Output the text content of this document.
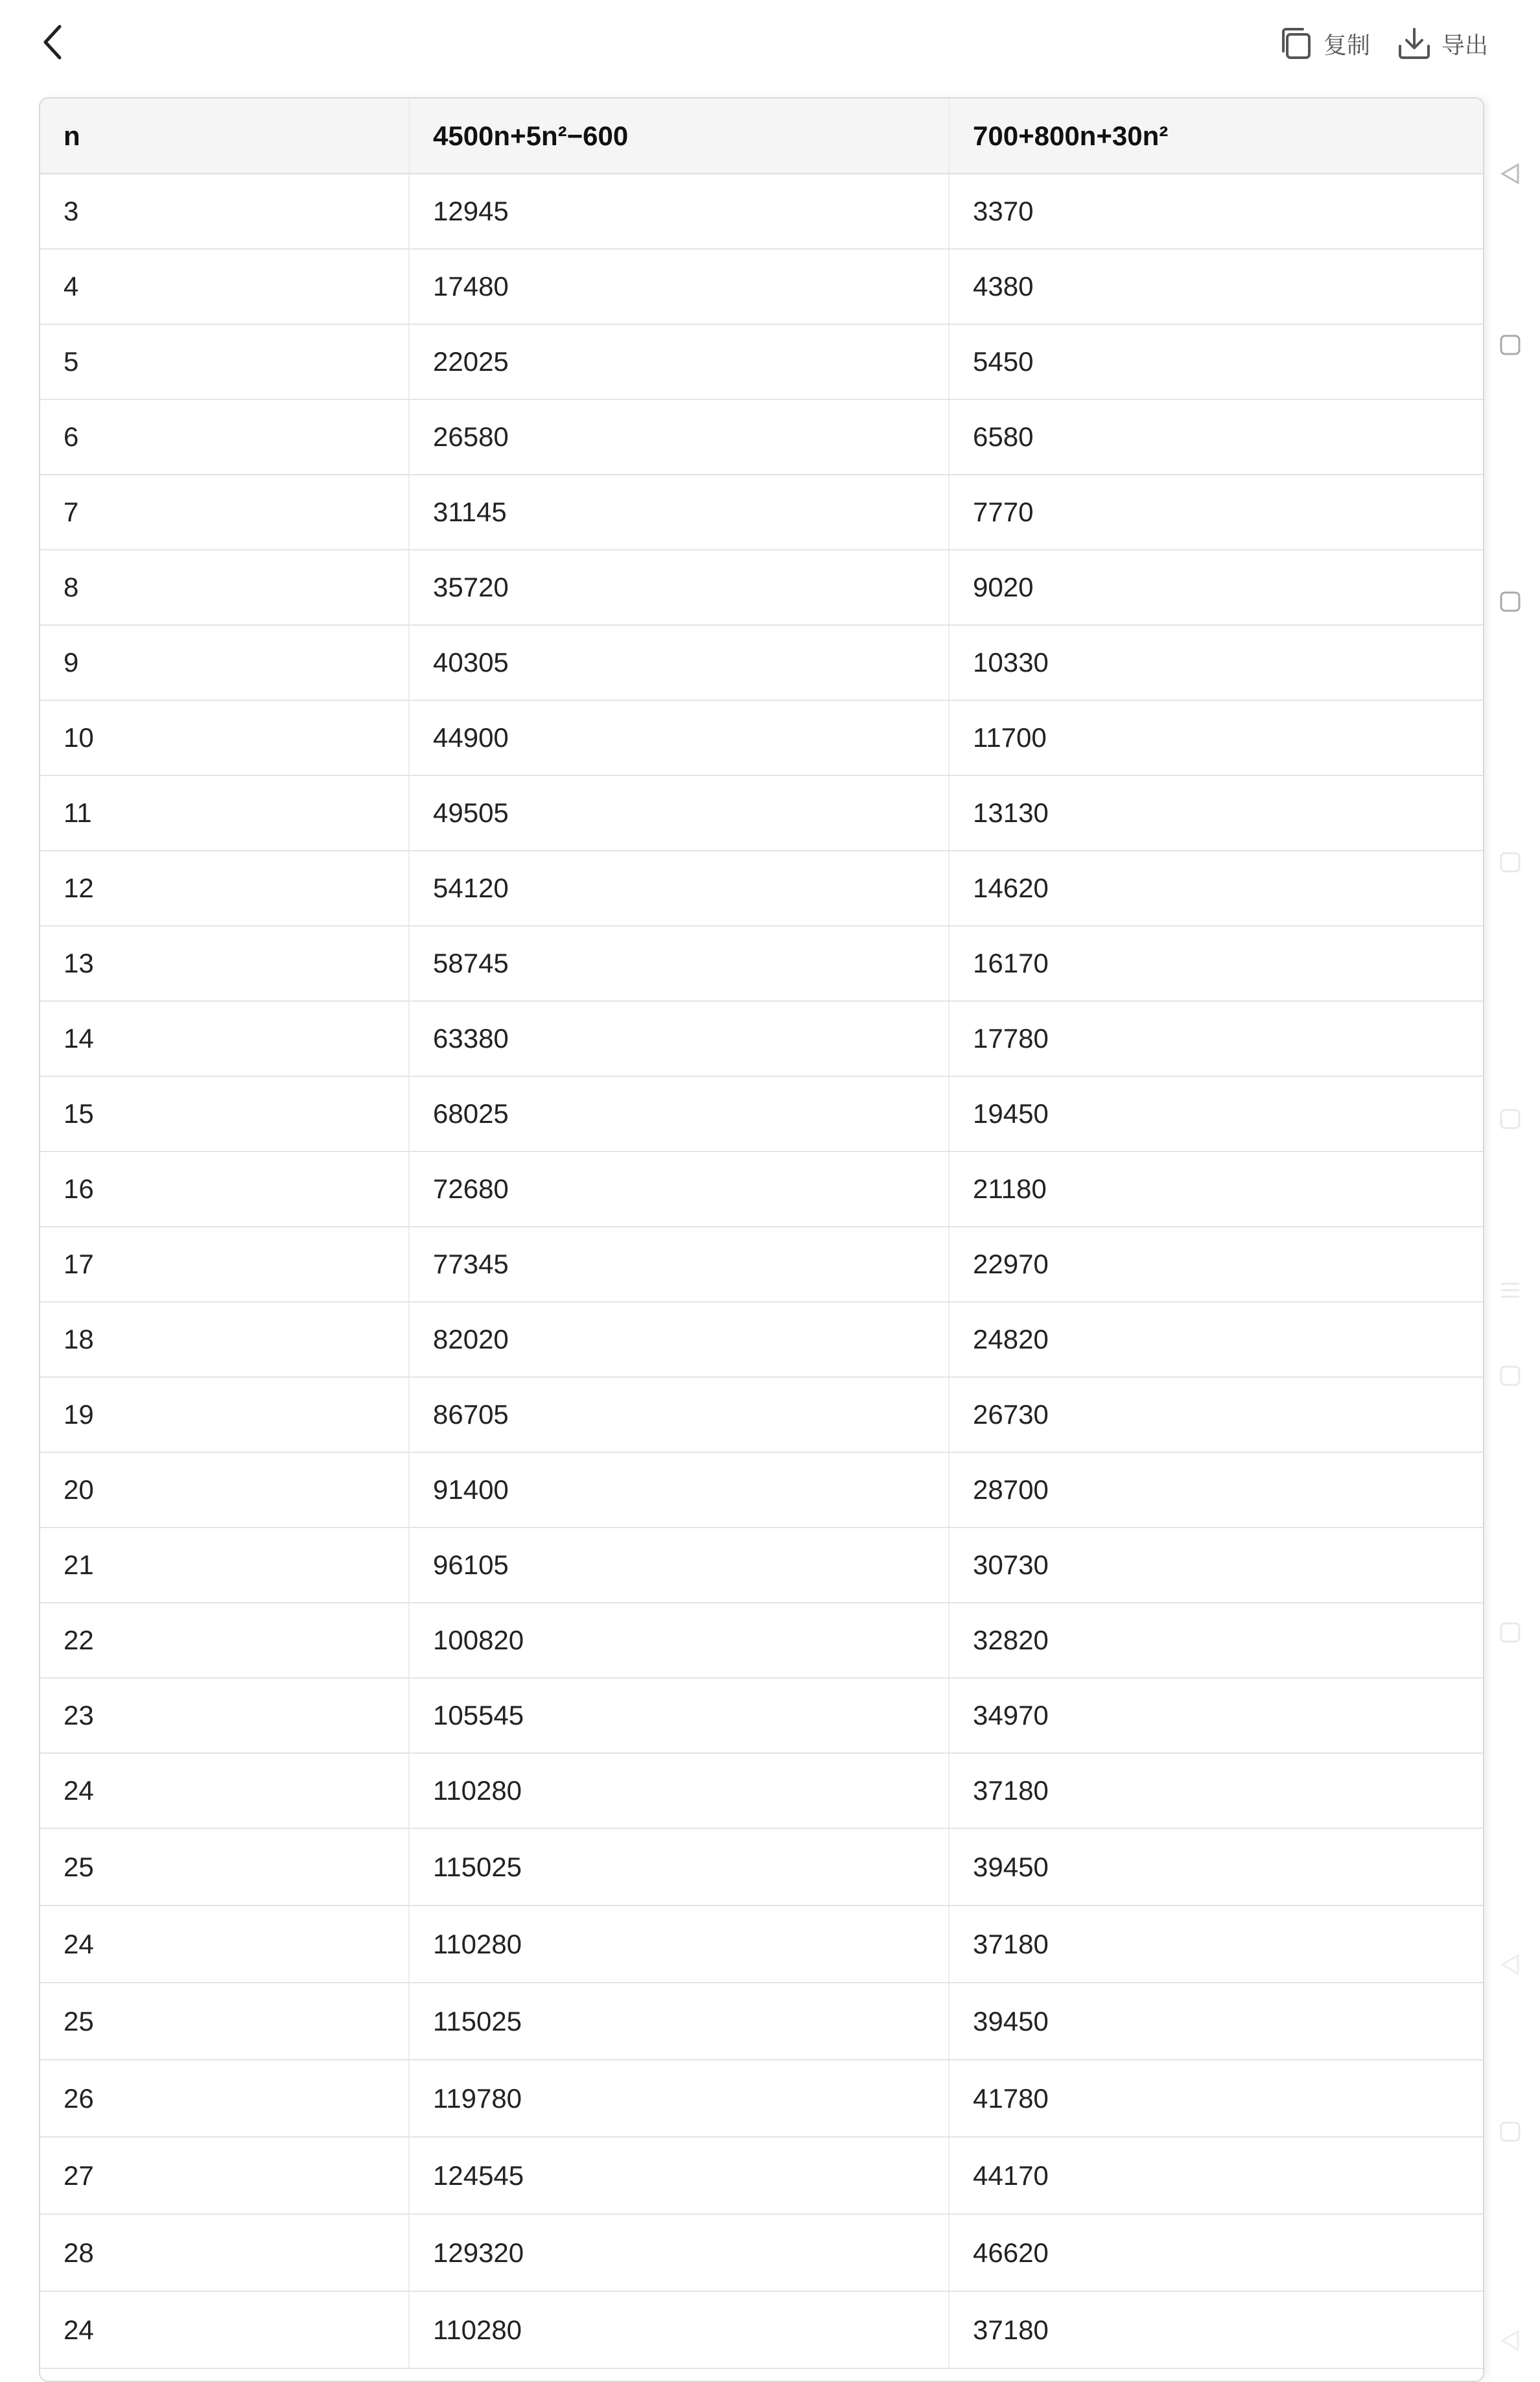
复制	导出
n	4500n+5n²−600	700+800n+30n²
3	12945	3370
4	17480	4380
5	22025	5450
6	26580	6580
7	31145	7770
8	35720	9020
9	40305	10330
10	44900	11700
11	49505	13130
12	54120	14620
13	58745	16170
14	63380	17780
15	68025	19450
16	72680	21180
17	77345	22970
18	82020	24820
19	86705	26730
20	91400	28700
21	96105	30730
22	100820	32820
23	105545	34970
24	110280	37180
25	115025	39450
24	110280	37180
25	115025	39450
26	119780	41780
27	124545	44170
28	129320	46620
24	110280	37180
